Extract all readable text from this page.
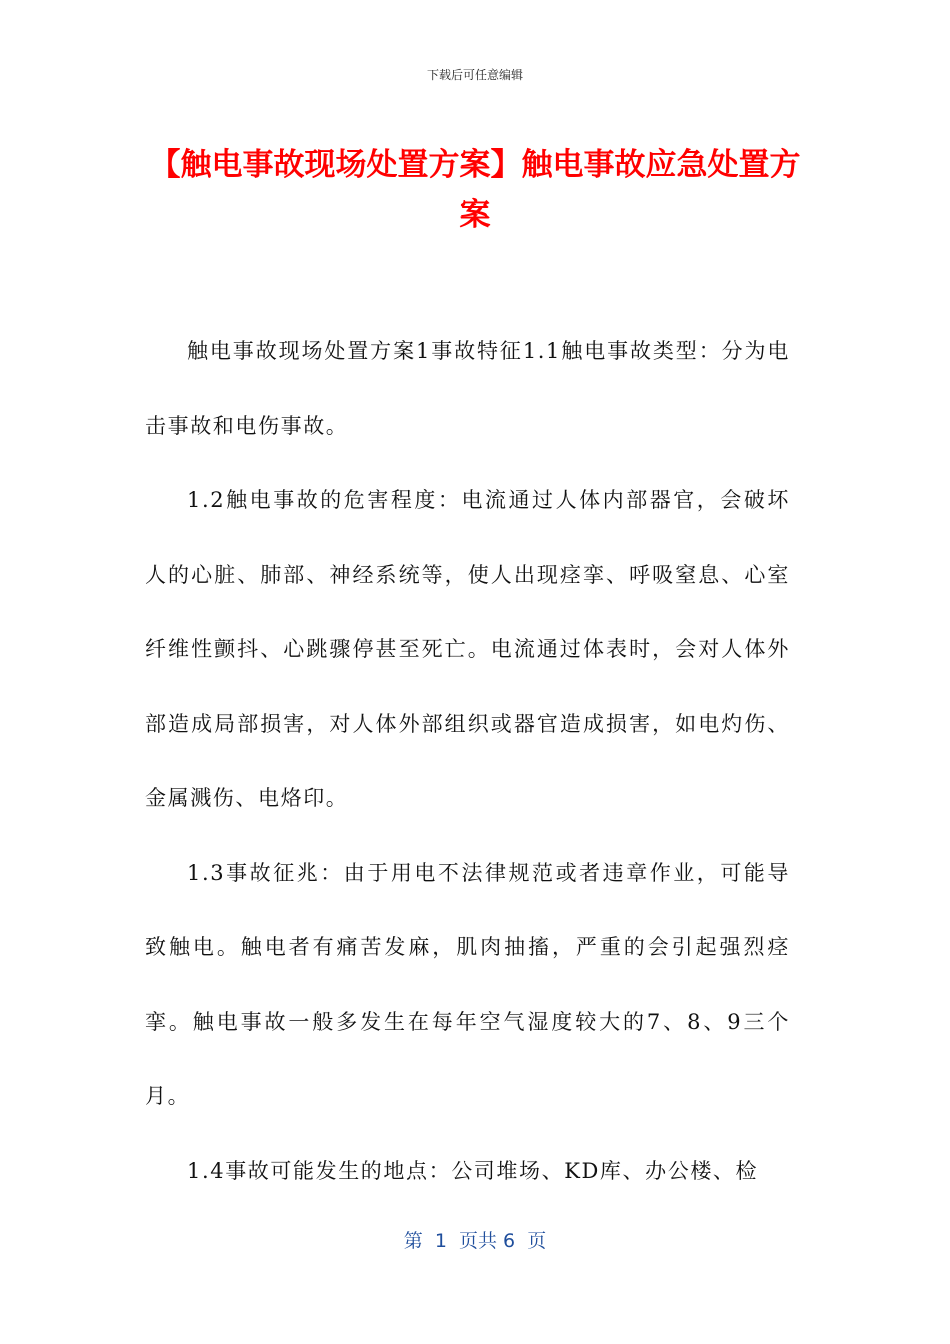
下载后可任意编辑
【触电事故现场处置方案】触电事故应急处置方案

触电事故现场处置方案1事故特征1.1触电事故类型：分为电击事故和电伤事故。

1.2触电事故的危害程度：电流通过人体内部器官，会破坏人的心脏、肺部、神经系统等，使人出现痉挛、呼吸窒息、心室纤维性颤抖、心跳骤停甚至死亡。电流通过体表时，会对人体外部造成局部损害，对人体外部组织或器官造成损害，如电灼伤、金属溅伤、电烙印。

1.3事故征兆：由于用电不法律规范或者违章作业，可能导致触电。触电者有痛苦发麻，肌肉抽搐，严重的会引起强烈痉挛。触电事故一般多发生在每年空气湿度较大的7、8、9三个月。

1.4事故可能发生的地点：公司堆场、KD库、办公楼、检

第  1  页共 6  页
